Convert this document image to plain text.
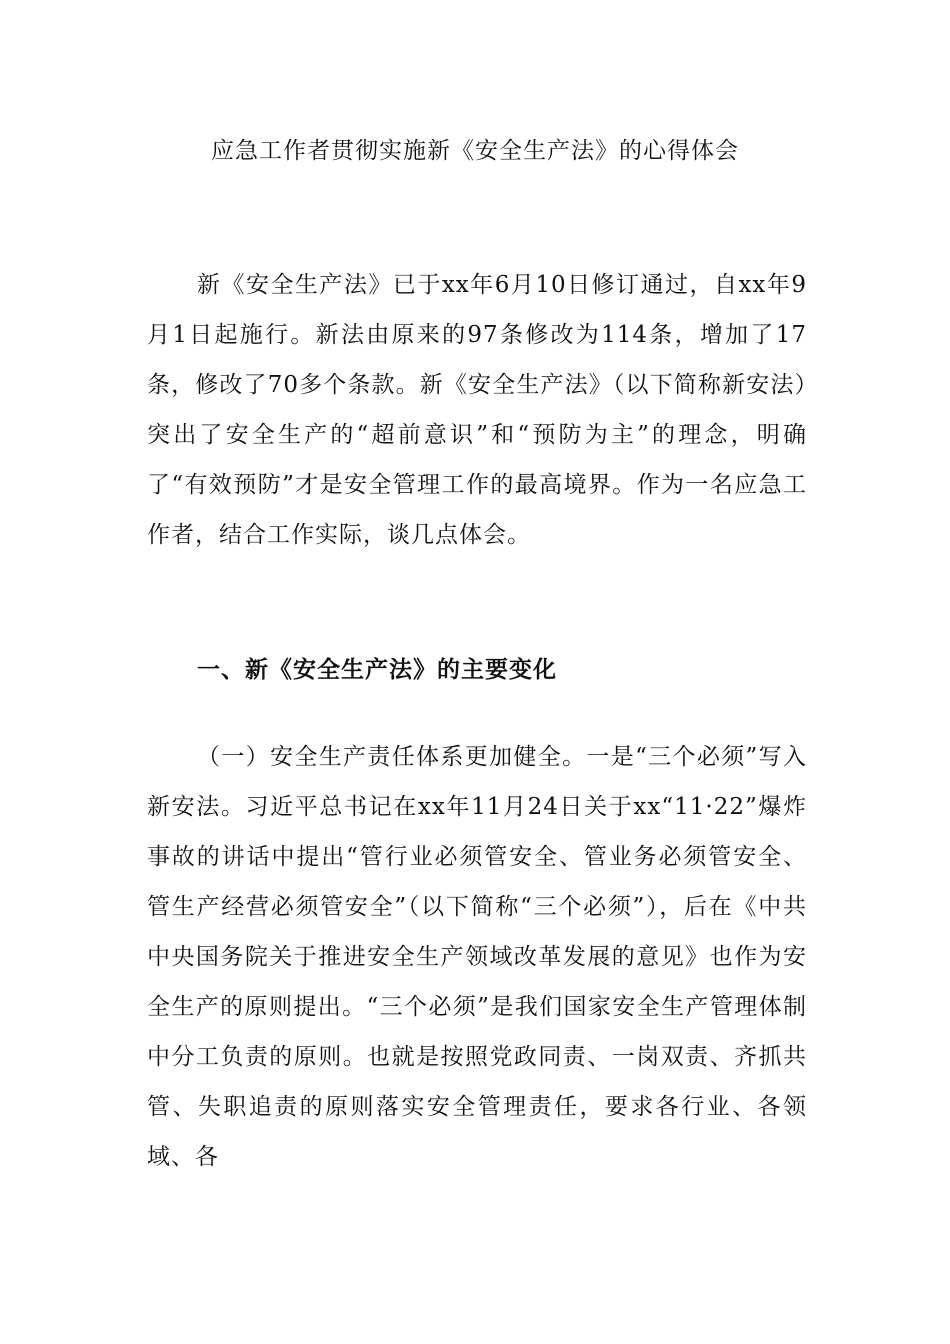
应急工作者贯彻实施新《安全生产法》的心得体会

新《安全生产法》已于xx年6月10日修订通过，自xx年9月1日起施行。新法由原来的97条修改为114条，增加了17条，修改了70多个条款。新《安全生产法》（以下简称新安法）突出了安全生产的“超前意识”和“预防为主”的理念，明确了“有效预防”才是安全管理工作的最高境界。作为一名应急工作者，结合工作实际，谈几点体会。

一、新《安全生产法》的主要变化

（一）安全生产责任体系更加健全。一是“三个必须”写入新安法。习近平总书记在xx年11月24日关于xx“11·22”爆炸事故的讲话中提出“管行业必须管安全、管业务必须管安全、管生产经营必须管安全”（以下简称“三个必须”），后在《中共中央国务院关于推进安全生产领域改革发展的意见》也作为安全生产的原则提出。“三个必须”是我们国家安全生产管理体制中分工负责的原则。也就是按照党政同责、一岗双责、齐抓共管、失职追责的原则落实安全管理责任，要求各行业、各领域、各
